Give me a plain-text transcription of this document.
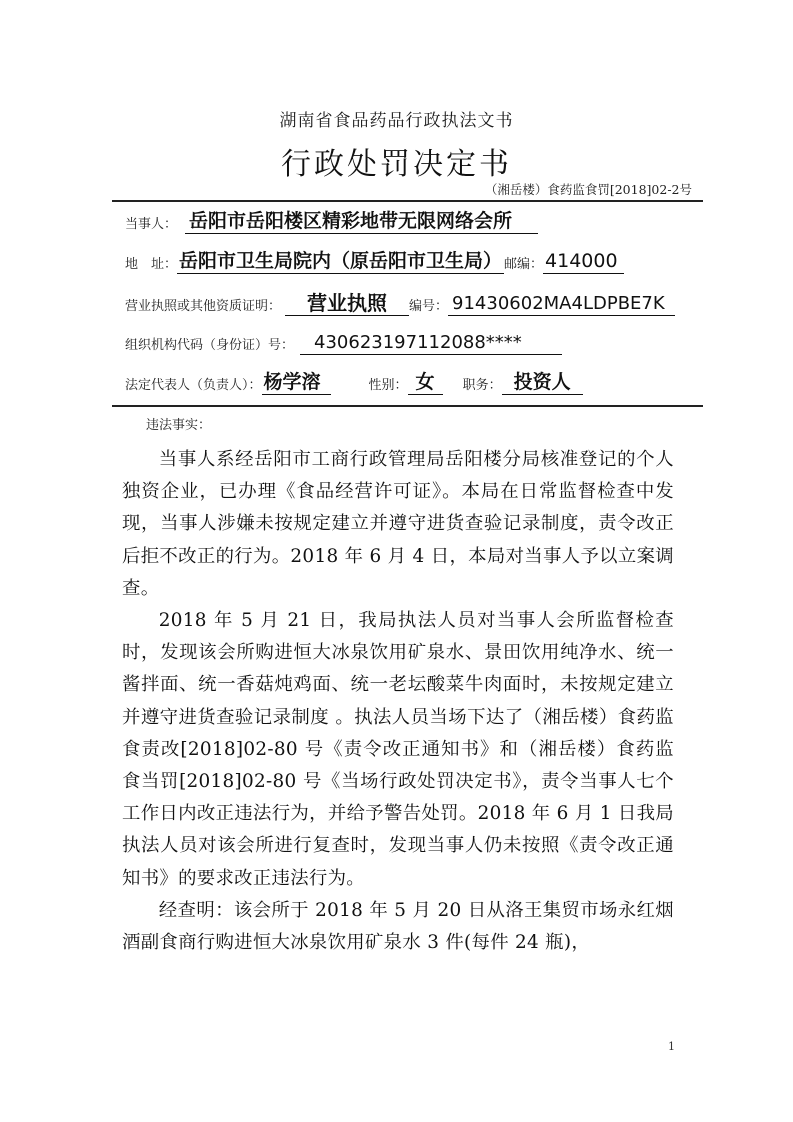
湖南省食品药品行政执法文书
行政处罚决定书
（湘岳楼）食药监食罚[2018]02-2号
当事人： 岳阳市岳阳楼区精彩地带无限网络会所
地　址： 岳阳市卫生局院内（原岳阳市卫生局） 邮编： 414000
营业执照或其他资质证明：	营业执照	编号： 91430602MA4LDPBE7K
组织机构代码（身份证）号：	430623197112088****
法定代表人（负责人）： 杨学溶	性别： 女	职务： 投资人
违法事实：

当事人系经岳阳市工商行政管理局岳阳楼分局核准登记的个人独资企业，已办理《食品经营许可证》。本局在日常监督检查中发现，当事人涉嫌未按规定建立并遵守进货查验记录制度，责令改正后拒不改正的行为。2018 年 6 月 4 日，本局对当事人予以立案调查。

2018 年 5 月 21 日，我局执法人员对当事人会所监督检查时，发现该会所购进恒大冰泉饮用矿泉水、景田饮用纯净水、统一酱拌面、统一香菇炖鸡面、统一老坛酸菜牛肉面时，未按规定建立并遵守进货查验记录制度 。执法人员当场下达了（湘岳楼）食药监食责改[2018]02-80 号《责令改正通知书》和（湘岳楼）食药监食当罚[2018]02-80 号《当场行政处罚决定书》，责令当事人七个工作日内改正违法行为，并给予警告处罚。2018 年 6 月 1 日我局执法人员对该会所进行复查时，发现当事人仍未按照《责令改正通知书》的要求改正违法行为。

经查明：该会所于 2018 年 5 月 20 日从洛王集贸市场永红烟酒副食商行购进恒大冰泉饮用矿泉水 3 件(每件 24 瓶)，

1
